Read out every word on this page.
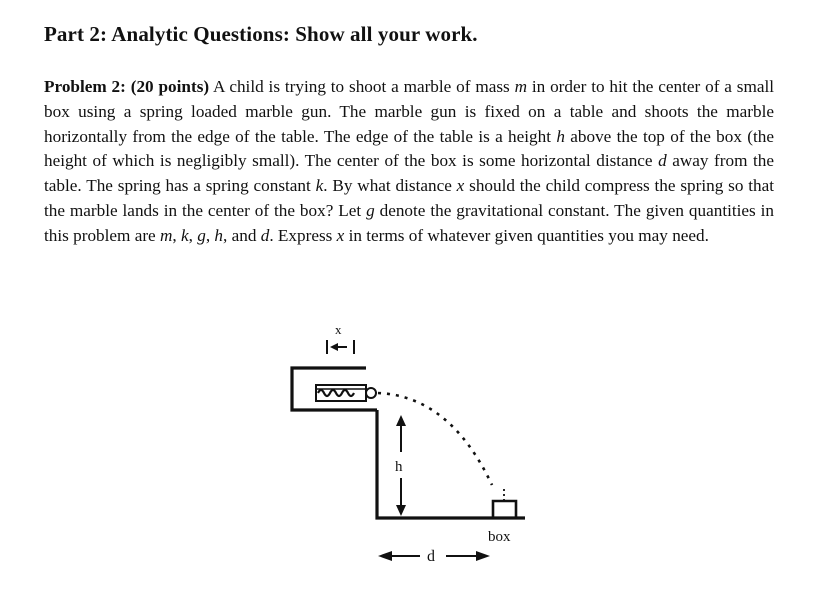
Part 2: Analytic Questions: Show all your work.
Problem 2: (20 points) A child is trying to shoot a marble of mass m in order to hit the center of a small box using a spring loaded marble gun. The marble gun is fixed on a table and shoots the marble horizontally from the edge of the table. The edge of the table is a height h above the top of the box (the height of which is negligibly small). The center of the box is some horizontal distance d away from the table. The spring has a spring constant k. By what distance x should the child compress the spring so that the marble lands in the center of the box? Let g denote the gravitational constant. The given quantities in this problem are m, k, g, h, and d. Express x in terms of whatever given quantities you may need.
x
h
box
d
